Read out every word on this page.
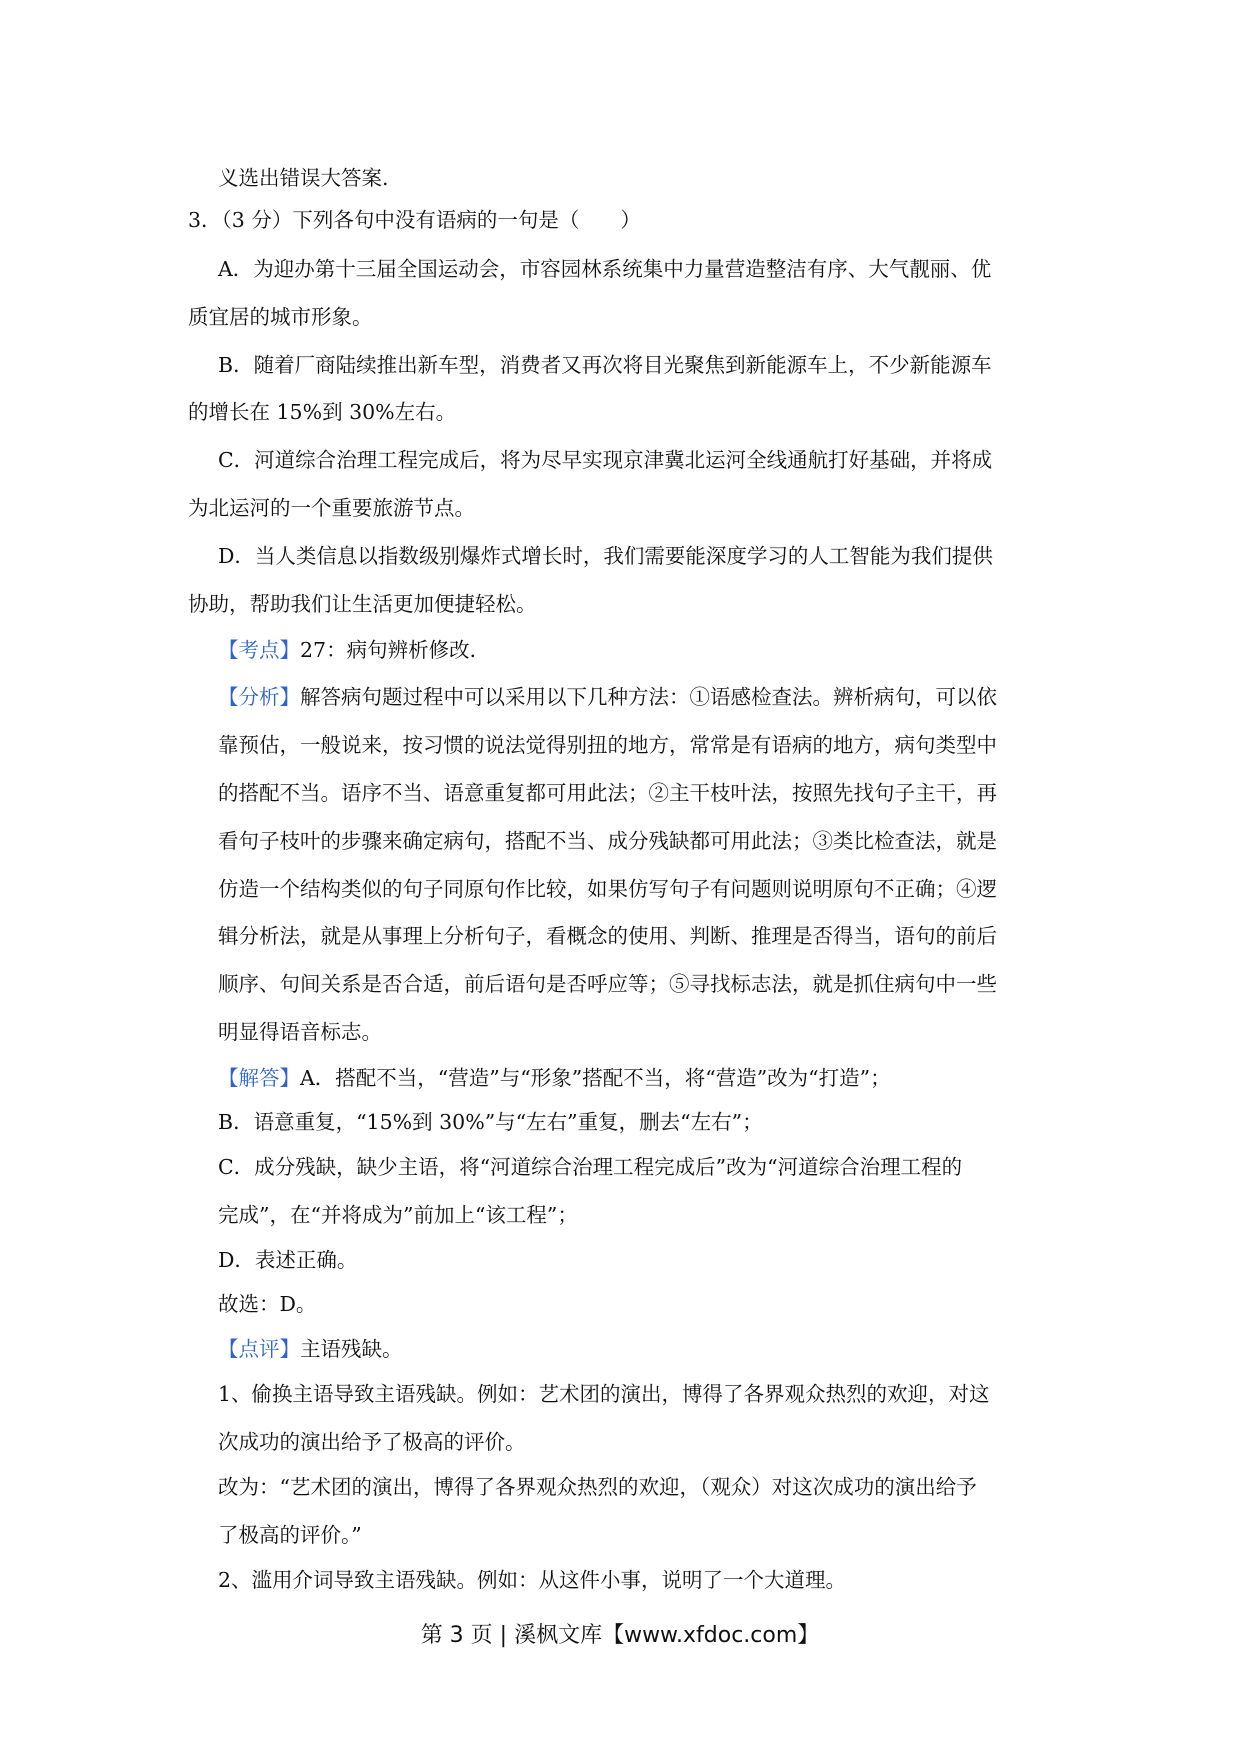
义选出错误大答案.
3．（3 分）下列各句中没有语病的一句是（　　）
A．为迎办第十三届全国运动会，市容园林系统集中力量营造整洁有序、大气靓丽、优
质宜居的城市形象。
B．随着厂商陆续推出新车型，消费者又再次将目光聚焦到新能源车上，不少新能源车
的增长在 15%到 30%左右。
C．河道综合治理工程完成后，将为尽早实现京津冀北运河全线通航打好基础，并将成
为北运河的一个重要旅游节点。
D．当人类信息以指数级别爆炸式增长时，我们需要能深度学习的人工智能为我们提供
协助，帮助我们让生活更加便捷轻松。
【考点】27：病句辨析修改．
【分析】解答病句题过程中可以采用以下几种方法：①语感检查法。辨析病句，可以依
靠预估，一般说来，按习惯的说法觉得别扭的地方，常常是有语病的地方，病句类型中
的搭配不当。语序不当、语意重复都可用此法；②主干枝叶法，按照先找句子主干，再
看句子枝叶的步骤来确定病句，搭配不当、成分残缺都可用此法；③类比检查法，就是
仿造一个结构类似的句子同原句作比较，如果仿写句子有问题则说明原句不正确；④逻
辑分析法，就是从事理上分析句子，看概念的使用、判断、推理是否得当，语句的前后
顺序、句间关系是否合适，前后语句是否呼应等；⑤寻找标志法，就是抓住病句中一些
明显得语音标志。
【解答】A．搭配不当，“营造”与“形象”搭配不当，将“营造”改为“打造”；
B．语意重复，“15%到 30%”与“左右”重复，删去“左右”；
C．成分残缺，缺少主语，将“河道综合治理工程完成后”改为“河道综合治理工程的
完成”，在“并将成为”前加上“该工程”；
D．表述正确。
故选：D。
【点评】主语残缺。
1、偷换主语导致主语残缺。例如：艺术团的演出，博得了各界观众热烈的欢迎，对这
次成功的演出给予了极高的评价。
改为：“艺术团的演出，博得了各界观众热烈的欢迎，（观众）对这次成功的演出给予
了极高的评价。”
2、滥用介词导致主语残缺。例如：从这件小事，说明了一个大道理。
第 3 页 | 溪枫文库【www.xfdoc.com】
